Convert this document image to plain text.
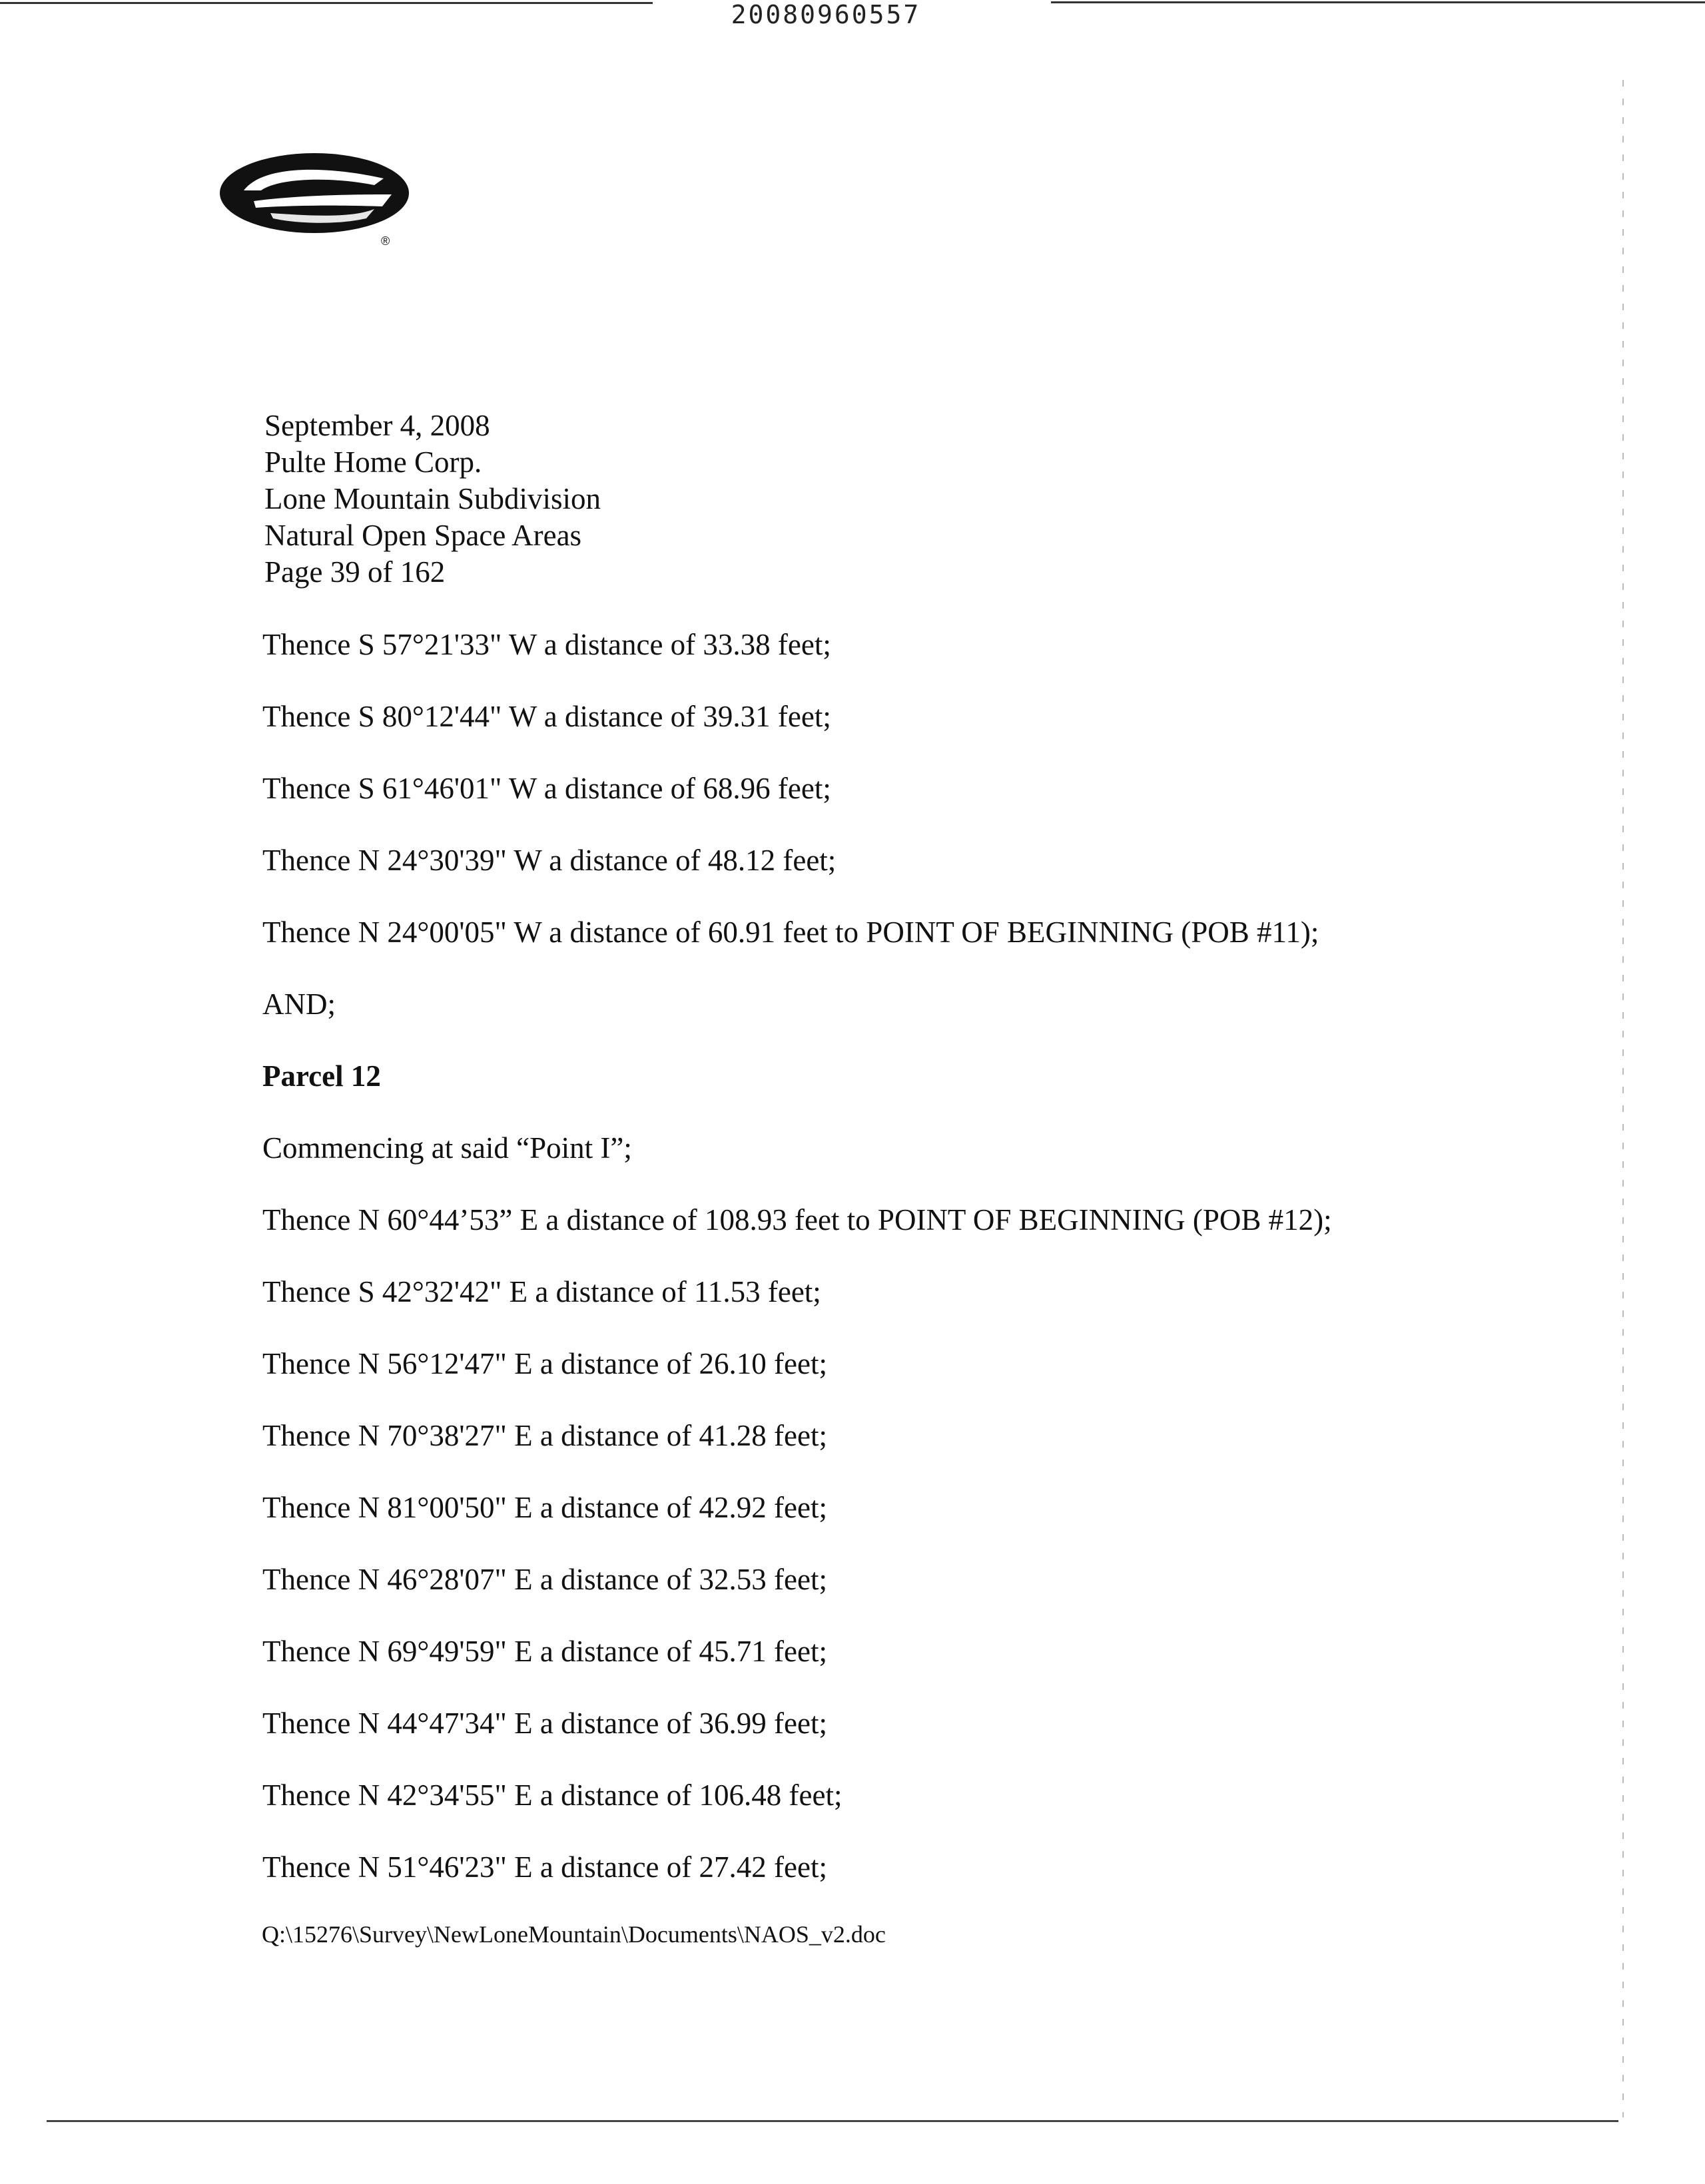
20080960557
®
September 4, 2008
Pulte Home Corp.
Lone Mountain Subdivision
Natural Open Space Areas
Page 39 of 162
Thence S 57°21'33" W a distance of 33.38 feet;
Thence S 80°12'44" W a distance of 39.31 feet;
Thence S 61°46'01" W a distance of 68.96 feet;
Thence N 24°30'39" W a distance of 48.12 feet;
Thence N 24°00'05" W a distance of 60.91 feet to POINT OF BEGINNING (POB #11);
AND;
Parcel 12
Commencing at said “Point I”;
Thence N 60°44’53” E a distance of 108.93 feet to POINT OF BEGINNING (POB #12);
Thence S 42°32'42" E a distance of 11.53 feet;
Thence N 56°12'47" E a distance of 26.10 feet;
Thence N 70°38'27" E a distance of 41.28 feet;
Thence N 81°00'50" E a distance of 42.92 feet;
Thence N 46°28'07" E a distance of 32.53 feet;
Thence N 69°49'59" E a distance of 45.71 feet;
Thence N 44°47'34" E a distance of 36.99 feet;
Thence N 42°34'55" E a distance of 106.48 feet;
Thence N 51°46'23" E a distance of 27.42 feet;
Q:\15276\Survey\NewLoneMountain\Documents\NAOS_v2.doc
